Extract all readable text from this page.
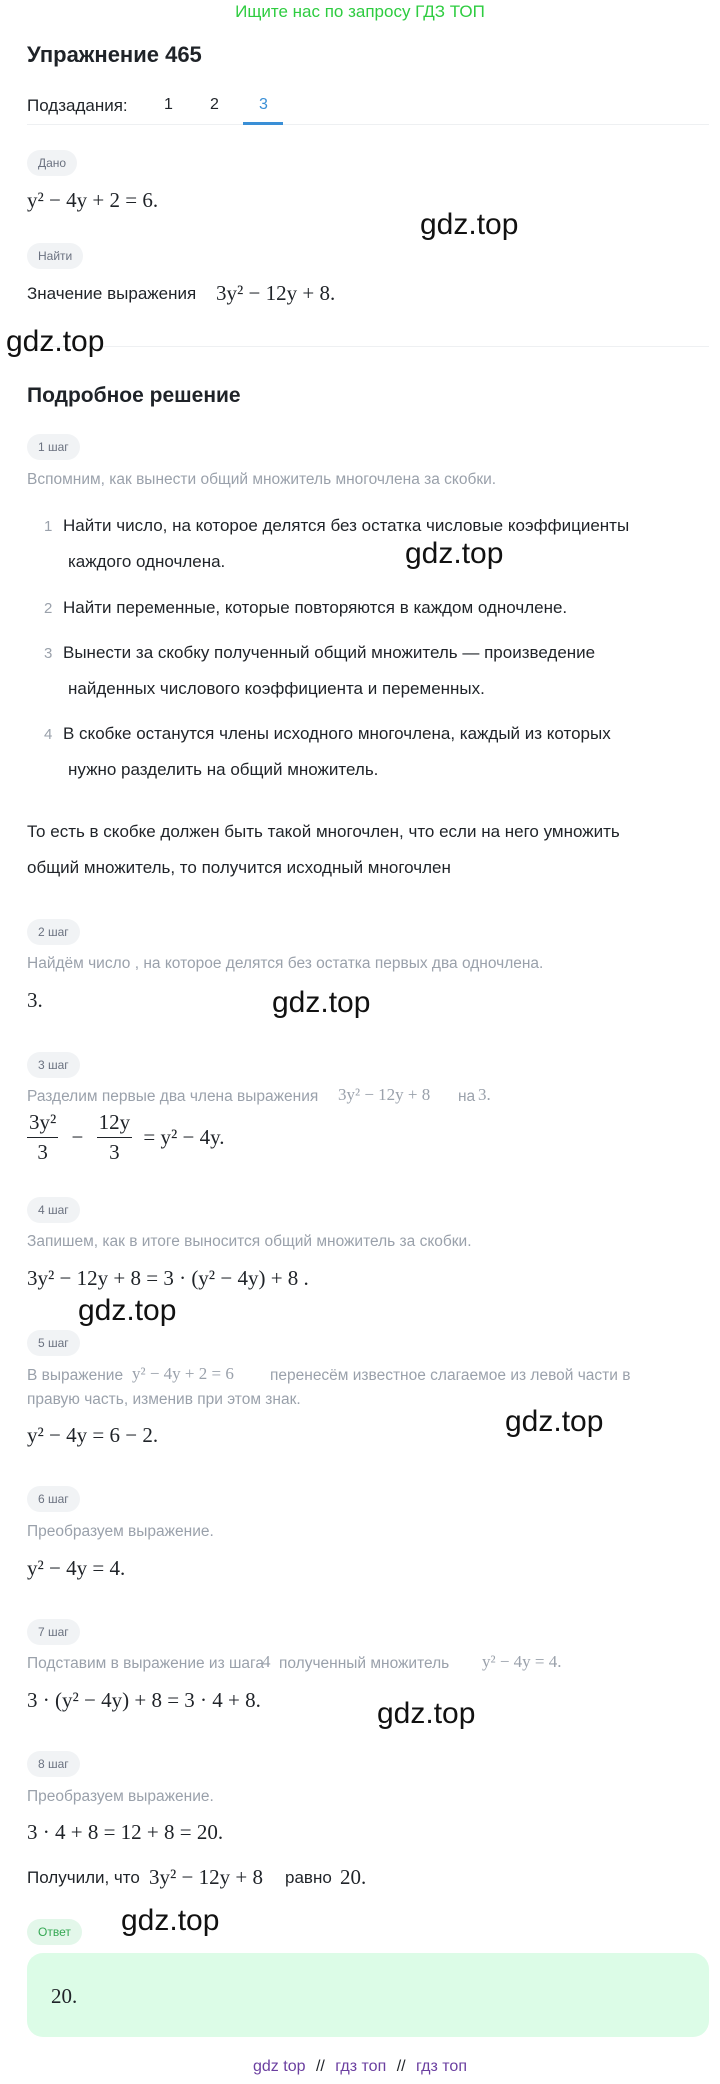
Ищите нас по запросу ГДЗ ТОП
Упражнение 465
Подзадания: 1 2	3
Дано
y² − 4y + 2 = 6.
Найти
Значение выражения 3y² − 12y + 8.
Подробное решение
1 шаг
Вспомним, как вынести общий множитель многочлена за скобки.
1 Найти число, на которое делятся без остатка числовые коэффициенты
каждого одночлена.
2 Найти переменные, которые повторяются в каждом одночлене.
3 Вынести за скобку полученный общий множитель — произведение
найденных числового коэффициента и переменных.
4 В скобке останутся члены исходного многочлена, каждый из которых
нужно разделить на общий множитель.
То есть в скобке должен быть такой многочлен, что если на него умножить
общий множитель, то получится исходный многочлен
2 шаг
Найдём число , на которое делятся без остатка первых два одночлена.
3.
3 шаг
Разделим первые два члена выражения 3y² − 12y + 8 на 3.
$\frac{\text{3y²}}{3} - \frac{12y}{3} = y^2 - 4y$.
4 шаг
Запишем, как в итоге выносится общий множитель за скобки.
3y² − 12y + 8 = 3 · (y² − 4y) + 8 .
5 шаг
В выражение y² − 4y + 2 = 6 перенесём известное слагаемое из левой части в
правую часть, изменив при этом знак.
y² − 4y = 6 − 2.
6 шаг
Преобразуем выражение.
y² − 4y = 4.
7 шаг
Подставим в выражение из шага
4 полученный множитель y² − 4y = 4.
3 · (y² − 4y) + 8 = 3 · 4 + 8.
8 шаг
Преобразуем выражение.
3 · 4 + 8 = 12 + 8 = 20.
Получили, что 3y² − 12y + 8 равно 20.
Ответ
20.
gdz top // гдз топ // гдз топ
gdz.top
gdz.top
gdz.top
gdz.top
gdz.top
gdz.top
gdz.top
gdz.top
